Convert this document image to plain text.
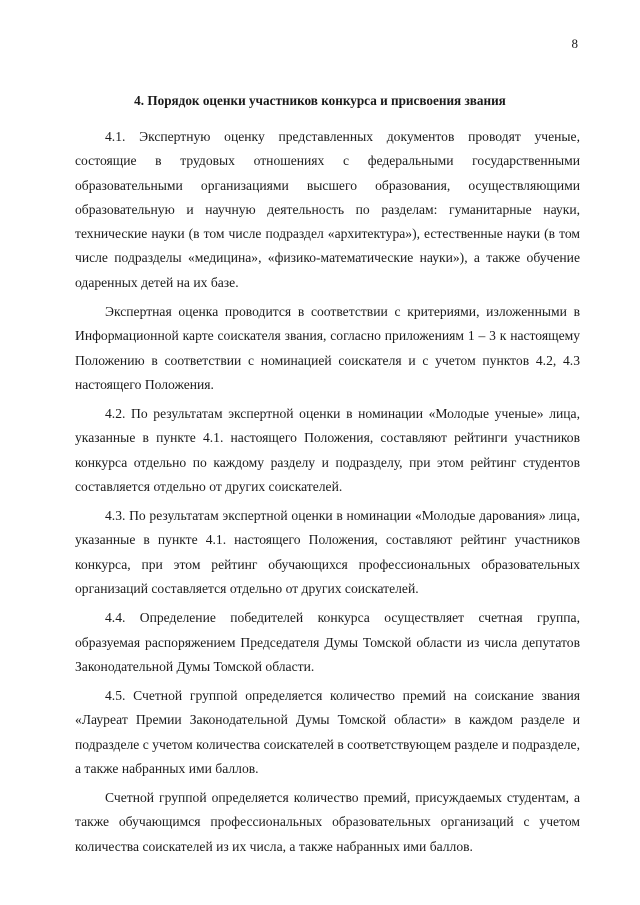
8
4. Порядок оценки участников конкурса и присвоения звания

4.1. Экспертную оценку представленных документов проводят ученые, состоящие в трудовых отношениях с федеральными государственными образовательными организациями высшего образования, осуществляющими образовательную и научную деятельность по разделам: гуманитарные науки, технические науки (в том числе подраздел «архитектура»), естественные науки (в том числе подразделы «медицина», «физико-математические науки»), а также обучение одаренных детей на их базе.

Экспертная оценка проводится в соответствии с критериями, изложенными в Информационной карте соискателя звания, согласно приложениям 1 – 3 к настоящему Положению в соответствии с номинацией соискателя и с учетом пунктов 4.2, 4.3 настоящего Положения.

4.2. По результатам экспертной оценки в номинации «Молодые ученые» лица, указанные в пункте 4.1. настоящего Положения, составляют рейтинги участников конкурса отдельно по каждому разделу и подразделу, при этом рейтинг студентов составляется отдельно от других соискателей.

4.3. По результатам экспертной оценки в номинации «Молодые дарования» лица, указанные в пункте 4.1. настоящего Положения, составляют рейтинг участников конкурса, при этом рейтинг обучающихся профессиональных образовательных организаций составляется отдельно от других соискателей.

4.4. Определение победителей конкурса осуществляет счетная группа, образуемая распоряжением Председателя Думы Томской области из числа депутатов Законодательной Думы Томской области.

4.5. Счетной группой определяется количество премий на соискание звания «Лауреат Премии Законодательной Думы Томской области» в каждом разделе и подразделе с учетом количества соискателей в соответствующем разделе и подразделе, а также набранных ими баллов.

Счетной группой определяется количество премий, присуждаемых студентам, а также обучающимся профессиональных образовательных организаций с учетом количества соискателей из их числа, а также набранных ими баллов.
